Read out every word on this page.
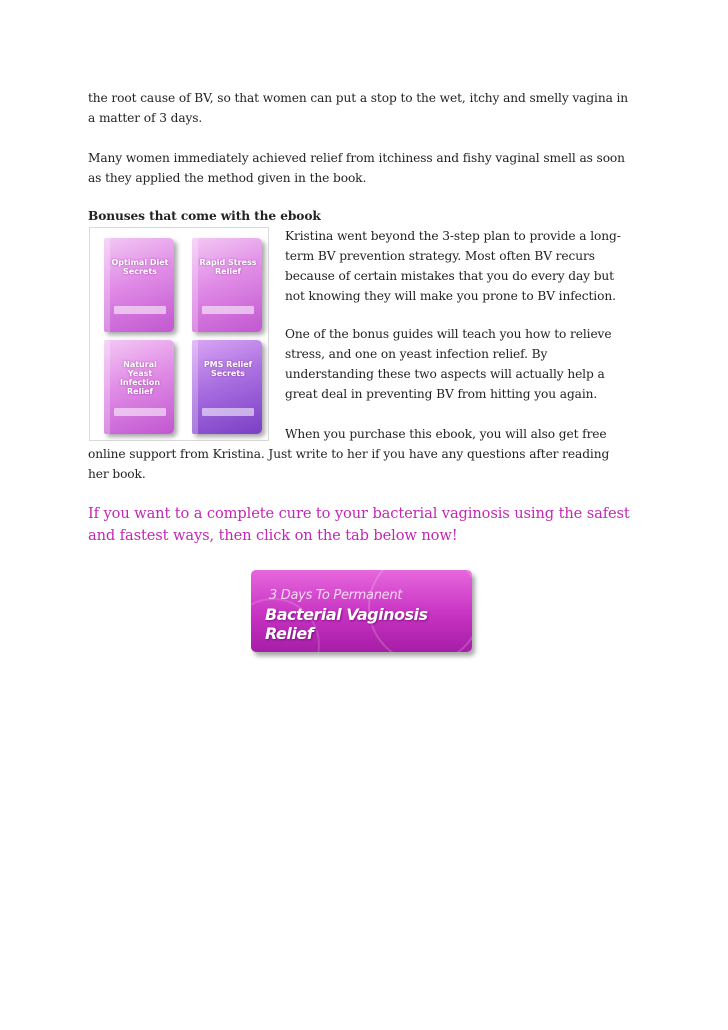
the root cause of BV, so that women can put a stop to the wet, itchy and smelly vagina in
a matter of 3 days.
Many women immediately achieved relief from itchiness and fishy vaginal smell as soon
as they applied the method given in the book.
Bonuses that come with the ebook
Optimal Diet Secrets
Rapid Stress Relief
Natural Yeast Infection Relief
PMS Relief Secrets
Kristina went beyond the 3-step plan to provide a long-
term BV prevention strategy. Most often BV recurs
because of certain mistakes that you do every day but
not knowing they will make you prone to BV infection.
One of the bonus guides will teach you how to relieve
stress, and one on yeast infection relief. By
understanding these two aspects will actually help a
great deal in preventing BV from hitting you again.
When you purchase this ebook, you will also get free
online support from Kristina. Just write to her if you have any questions after reading
her book.
If you want to a complete cure to your bacterial vaginosis using the safest
and fastest ways, then click on the tab below now!
3 Days To Permanent
Bacterial Vaginosis Relief
